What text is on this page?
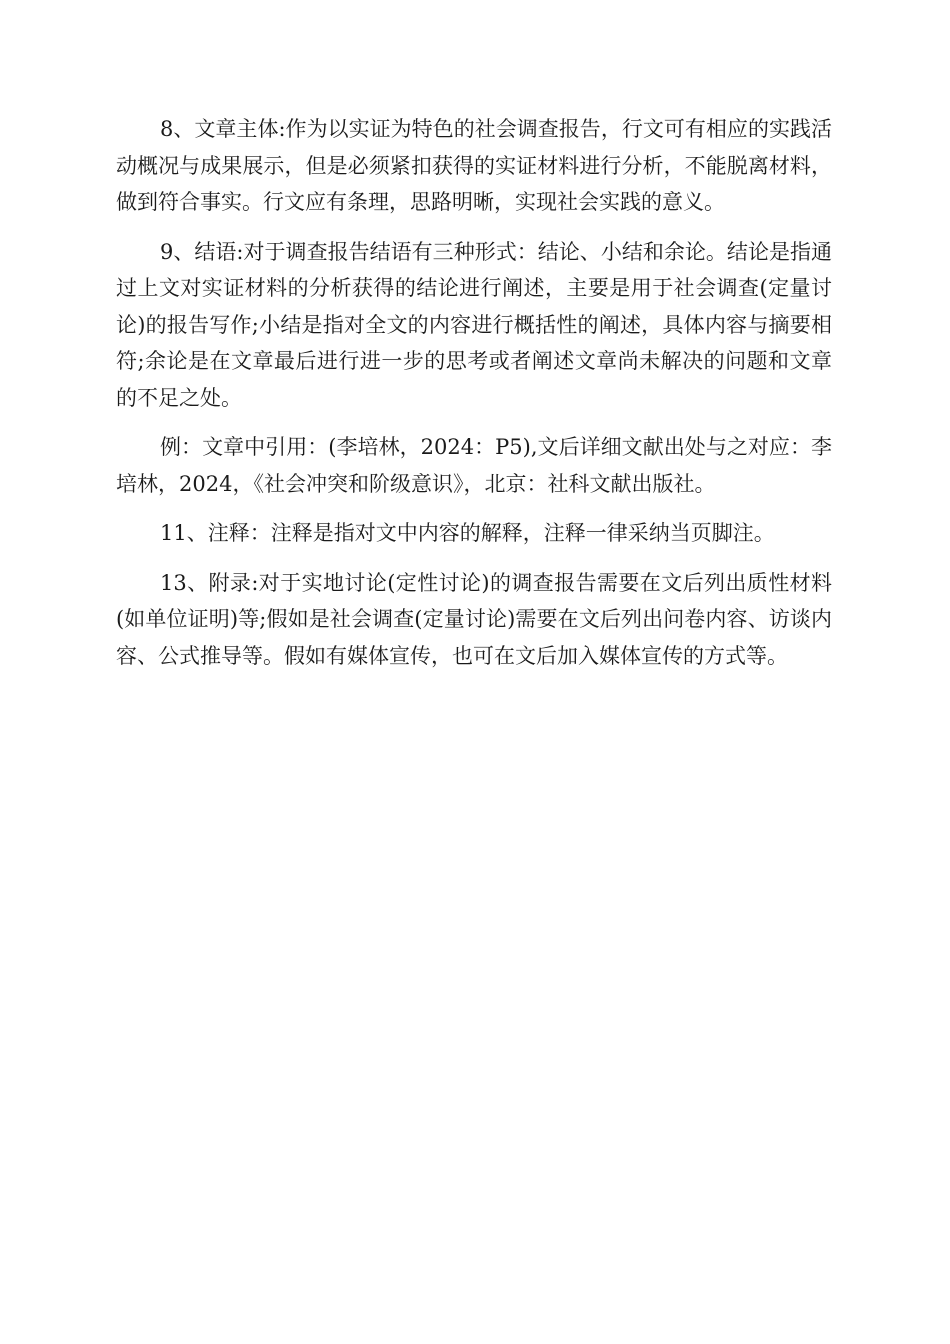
8、文章主体:作为以实证为特色的社会调查报告，行文可有相应的实践活动概况与成果展示，但是必须紧扣获得的实证材料进行分析，不能脱离材料，做到符合事实。行文应有条理，思路明晰，实现社会实践的意义。

9、结语:对于调查报告结语有三种形式：结论、小结和余论。结论是指通过上文对实证材料的分析获得的结论进行阐述，主要是用于社会调查(定量讨论)的报告写作;小结是指对全文的内容进行概括性的阐述，具体内容与摘要相符;余论是在文章最后进行进一步的思考或者阐述文章尚未解决的问题和文章的不足之处。

例：文章中引用：(李培林，2024：P5),文后详细文献出处与之对应：李培林，2024，《社会冲突和阶级意识》，北京：社科文献出版社。

11、注释：注释是指对文中内容的解释，注释一律采纳当页脚注。

13、附录:对于实地讨论(定性讨论)的调查报告需要在文后列出质性材料(如单位证明)等;假如是社会调查(定量讨论)需要在文后列出问卷内容、访谈内容、公式推导等。假如有媒体宣传，也可在文后加入媒体宣传的方式等。
